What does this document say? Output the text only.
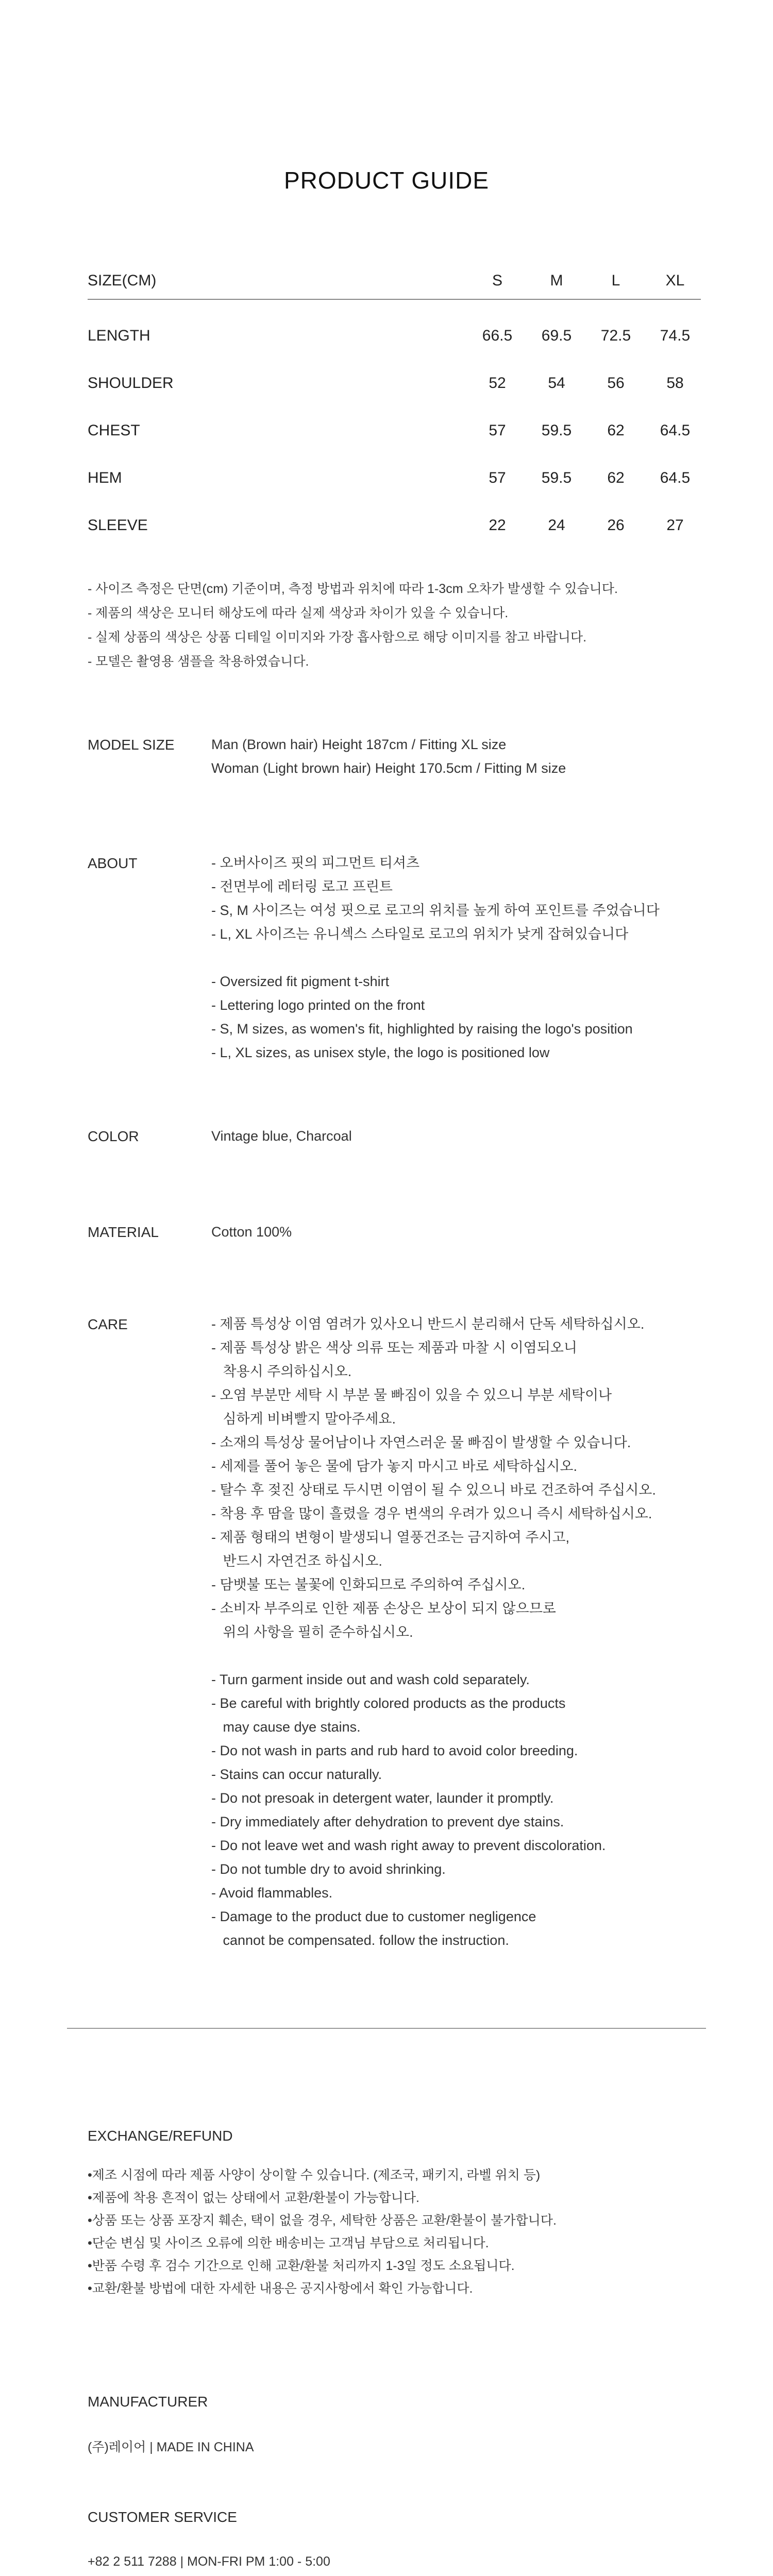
PRODUCT GUIDE
SIZE(CM)	S	M	L	XL
LENGTH	66.5	69.5	72.5	74.5
SHOULDER	52	54	56	58
CHEST	57	59.5	62	64.5
HEM	57	59.5	62	64.5
SLEEVE	22	24	26	27
- 사이즈 측정은 단면(cm) 기준이며, 측정 방법과 위치에 따라 1-3cm 오차가 발생할 수 있습니다.
- 제품의 색상은 모니터 해상도에 따라 실제 색상과 차이가 있을 수 있습니다.
- 실제 상품의 색상은 상품 디테일 이미지와 가장 흡사함으로 해당 이미지를 참고 바랍니다.
- 모델은 촬영용 샘플을 착용하였습니다.
MODEL SIZE	Man (Brown hair) Height 187cm / Fitting XL size
Woman (Light brown hair) Height 170.5cm / Fitting M size
ABOUT	- 오버사이즈 핏의 피그먼트 티셔츠
- 전면부에 레터링 로고 프린트
- S, M 사이즈는 여성 핏으로 로고의 위치를 높게 하여 포인트를 주었습니다
- L, XL 사이즈는 유니섹스 스타일로 로고의 위치가 낮게 잡혀있습니다
- Oversized fit pigment t-shirt
- Lettering logo printed on the front
- S, M sizes, as women's fit, highlighted by raising the logo's position
- L, XL sizes, as unisex style, the logo is positioned low
COLOR	Vintage blue, Charcoal
MATERIAL	Cotton 100%
CARE	- 제품 특성상 이염 염려가 있사오니 반드시 분리해서 단독 세탁하십시오.
- 제품 특성상 밝은 색상 의류 또는 제품과 마찰 시 이염되오니
착용시 주의하십시오.
- 오염 부분만 세탁 시 부분 물 빠짐이 있을 수 있으니 부분 세탁이나
심하게 비벼빨지 말아주세요.
- 소재의 특성상 물어남이나 자연스러운 물 빠짐이 발생할 수 있습니다.
- 세제를 풀어 놓은 물에 담가 놓지 마시고 바로 세탁하십시오.
- 탈수 후 젖진 상태로 두시면 이염이 될 수 있으니 바로 건조하여 주십시오.
- 착용 후 땀을 많이 흘렸을 경우 변색의 우려가 있으니 즉시 세탁하십시오.
- 제품 형태의 변형이 발생되니 열풍건조는 금지하여 주시고,
반드시 자연건조 하십시오.
- 담뱃불 또는 불꽃에 인화되므로 주의하여 주십시오.
- 소비자 부주의로 인한 제품 손상은 보상이 되지 않으므로
위의 사항을 필히 준수하십시오.
- Turn garment inside out and wash cold separately.
- Be careful with brightly colored products as the products
may cause dye stains.
- Do not wash in parts and rub hard to avoid color breeding.
- Stains can occur naturally.
- Do not presoak in detergent water, launder it promptly.
- Dry immediately after dehydration to prevent dye stains.
- Do not leave wet and wash right away to prevent discoloration.
- Do not tumble dry to avoid shrinking.
- Avoid flammables.
- Damage to the product due to customer negligence
cannot be compensated. follow the instruction.
EXCHANGE/REFUND
•제조 시점에 따라 제품 사양이 상이할 수 있습니다. (제조국, 패키지, 라벨 위치 등)
•제품에 착용 흔적이 없는 상태에서 교환/환불이 가능합니다.
•상품 또는 상품 포장지 훼손, 택이 없을 경우, 세탁한 상품은 교환/환불이 불가합니다.
•단순 변심 및 사이즈 오류에 의한 배송비는 고객님 부담으로 처리됩니다.
•반품 수령 후 검수 기간으로 인해 교환/환불 처리까지 1-3일 정도 소요됩니다.
•교환/환불 방법에 대한 자세한 내용은 공지사항에서 확인 가능합니다.
MANUFACTURER
(주)레이어 | MADE IN CHINA
CUSTOMER SERVICE
+82 2 511 7288 | MON-FRI PM 1:00 - 5:00
